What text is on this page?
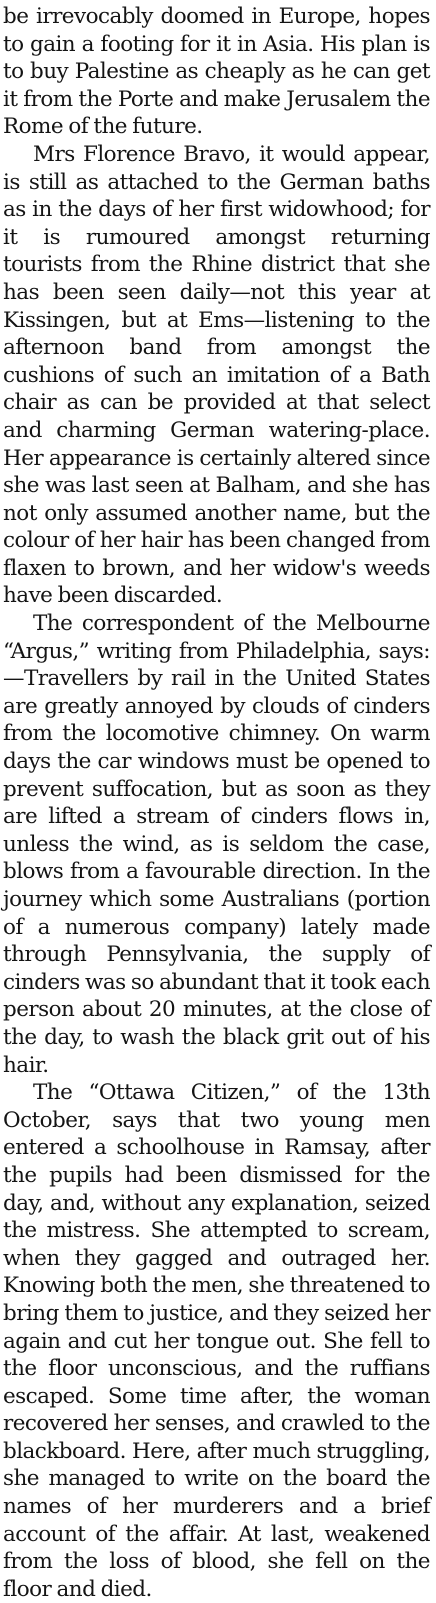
be irrevocably doomed in Europe, hopes to gain a footing for it in Asia. His plan is to buy Palestine as cheaply as he can get it from the Porte and make Jerusalem the Rome of the future.

Mrs Florence Bravo, it would appear, is still as attached to the German baths as in the days of her first widowhood; for it is rumoured amongst returning tourists from the Rhine district that she has been seen daily—not this year at Kissingen, but at Ems—listening to the afternoon band from amongst the cushions of such an imitation of a Bath chair as can be provided at that select and charming German watering-place. Her appearance is certainly altered since she was last seen at Balham, and she has not only assumed another name, but the colour of her hair has been changed from flaxen to brown, and her widow's weeds have been discarded.

The correspondent of the Melbourne “Argus,” writing from Philadelphia, says:—Travellers by rail in the United States are greatly annoyed by clouds of cinders from the locomotive chimney. On warm days the car windows must be opened to prevent suffocation, but as soon as they are lifted a stream of cinders flows in, unless the wind, as is seldom the case, blows from a favourable direction. In the journey which some Australians (portion of a numerous company) lately made through Pennsylvania, the supply of cinders was so abundant that it took each person about 20 minutes, at the close of the day, to wash the black grit out of his hair.

The “Ottawa Citizen,” of the 13th October, says that two young men entered a schoolhouse in Ramsay, after the pupils had been dismissed for the day, and, without any explanation, seized the mistress. She attempted to scream, when they gagged and outraged her. Knowing both the men, she threatened to bring them to justice, and they seized her again and cut her tongue out. She fell to the floor unconscious, and the ruffians escaped. Some time after, the woman recovered her senses, and crawled to the blackboard. Here, after much struggling, she managed to write on the board the names of her murderers and a brief account of the affair. At last, weakened from the loss of blood, she fell on the floor and died.
